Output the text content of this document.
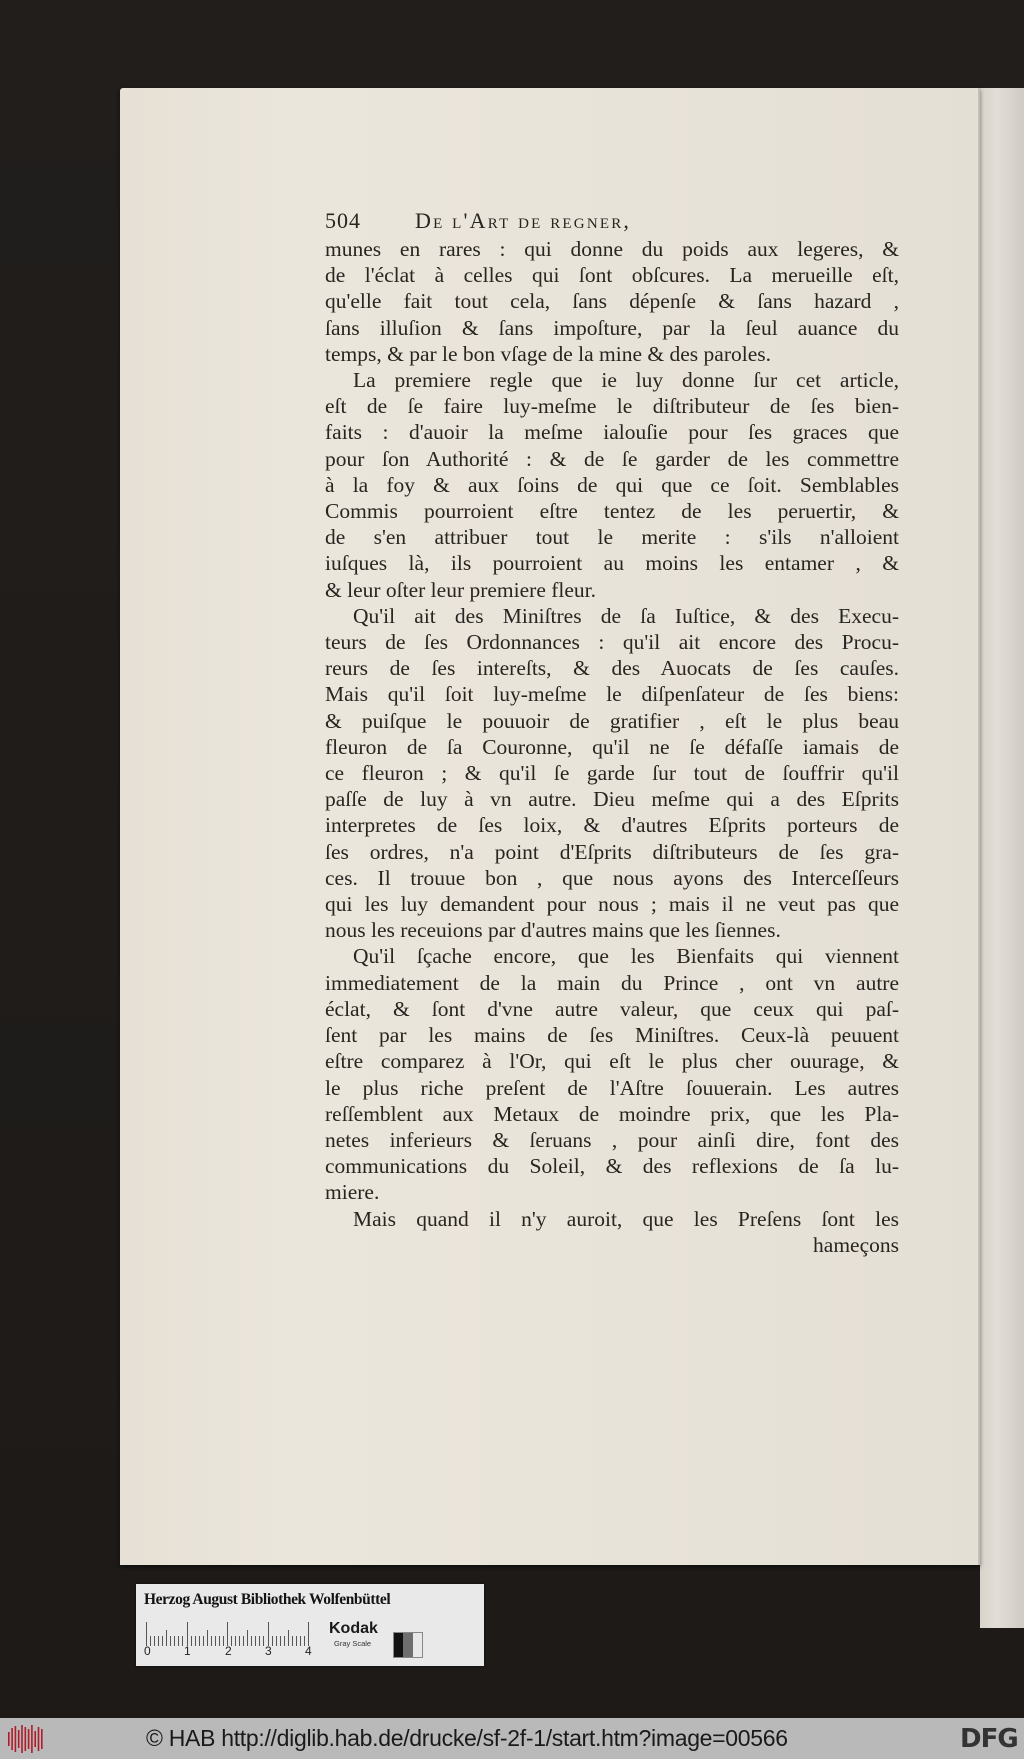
504	De l'Art de regner,
munes en rares : qui donne du poids aux legeres, &
de l'éclat à celles qui ſont obſcures. La merueille eſt,
qu'elle fait tout cela, ſans dépenſe & ſans hazard ,
ſans illuſion & ſans impoſture, par la ſeul auance du
temps, & par le bon vſage de la mine & des paroles.
La premiere regle que ie luy donne ſur cet article,
eſt de ſe faire luy-meſme le diſtributeur de ſes bien-
faits : d'auoir la meſme ialouſie pour ſes graces que
pour ſon Authorité : & de ſe garder de les commettre
à la foy & aux ſoins de qui que ce ſoit. Semblables
Commis pourroient eſtre tentez de les peruertir, &
de s'en attribuer tout le merite : s'ils n'alloient
iuſques là, ils pourroient au moins les entamer , &
& leur oſter leur premiere fleur.
Qu'il ait des Miniſtres de ſa Iuſtice, & des Execu-
teurs de ſes Ordonnances : qu'il ait encore des Procu-
reurs de ſes intereſts, & des Auocats de ſes cauſes.
Mais qu'il ſoit luy-meſme le diſpenſateur de ſes biens:
& puiſque le pouuoir de gratifier , eſt le plus beau
fleuron de ſa Couronne, qu'il ne ſe défaſſe iamais de
ce fleuron ; & qu'il ſe garde ſur tout de ſouffrir qu'il
paſſe de luy à vn autre. Dieu meſme qui a des Eſprits
interpretes de ſes loix, & d'autres Eſprits porteurs de
ſes ordres, n'a point d'Eſprits diſtributeurs de ſes gra-
ces. Il trouue bon , que nous ayons des Interceſſeurs
qui les luy demandent pour nous ; mais il ne veut pas que
nous les receuions par d'autres mains que les ſiennes.
Qu'il ſçache encore, que les Bienfaits qui viennent
immediatement de la main du Prince , ont vn autre
éclat, & ſont d'vne autre valeur, que ceux qui paſ-
ſent par les mains de ſes Miniſtres. Ceux-là peuuent
eſtre comparez à l'Or, qui eſt le plus cher ouurage, &
le plus riche preſent de l'Aſtre ſouuerain. Les autres
reſſemblent aux Metaux de moindre prix, que les Pla-
netes inferieurs & ſeruans , pour ainſi dire, font des
communications du Soleil, & des reflexions de ſa lu-
miere.
Mais quand il n'y auroit, que les Preſens ſont les
hameçons
Herzog August Bibliothek Wolfenbüttel
0	1	2	3	4
Kodak
Gray Scale
© HAB http://diglib.hab.de/drucke/sf-2f-1/start.htm?image=00566	DFG
